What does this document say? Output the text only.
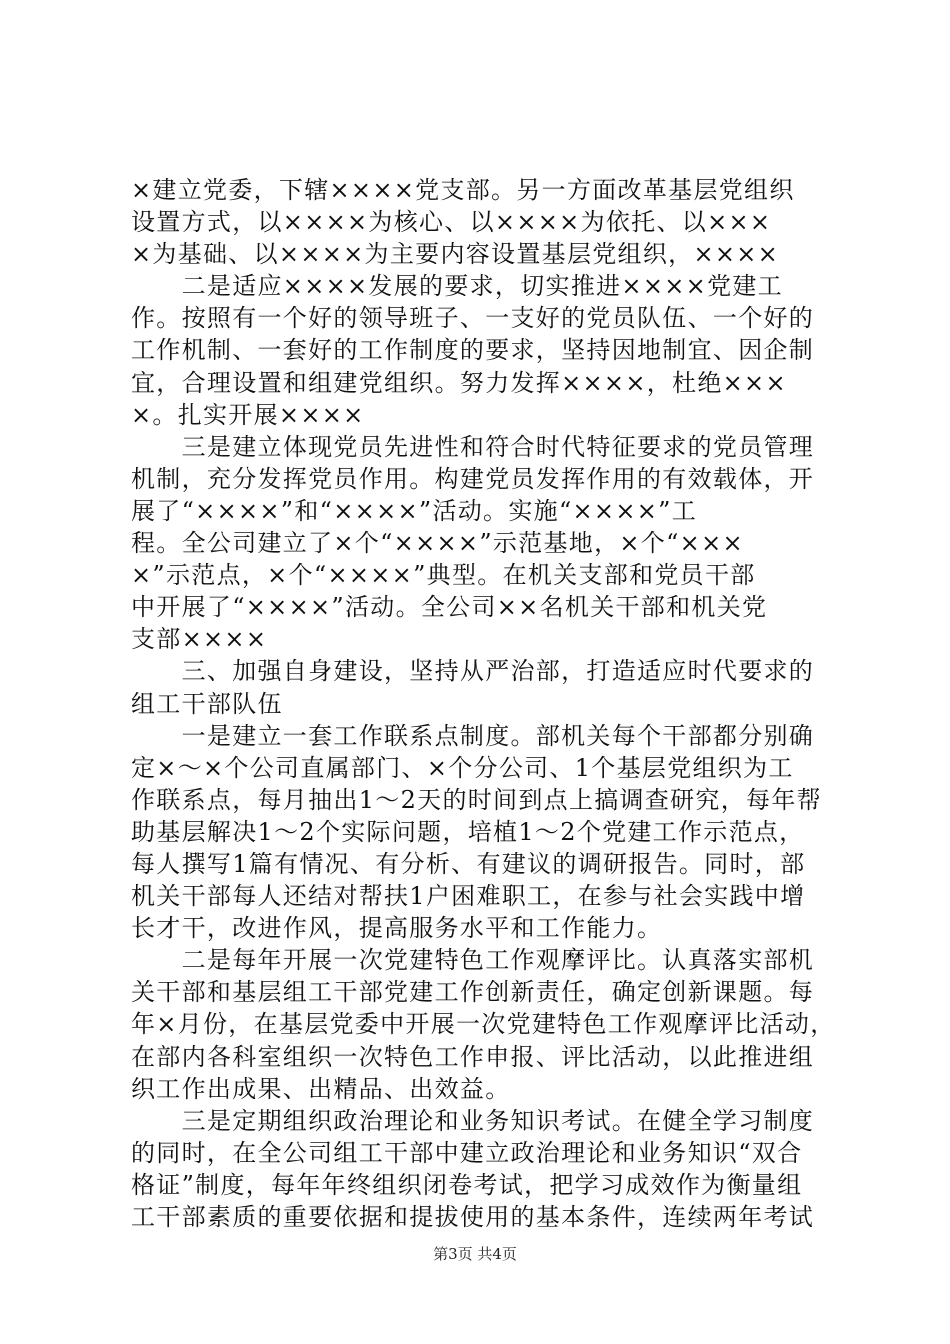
×建立党委，下辖××××党支部。另一方面改革基层党组织
设置方式，以××××为核心、以××××为依托、以×××
×为基础、以××××为主要内容设置基层党组织，××××
　　二是适应××××发展的要求，切实推进××××党建工
作。按照有一个好的领导班子、一支好的党员队伍、一个好的
工作机制、一套好的工作制度的要求，坚持因地制宜、因企制
宜，合理设置和组建党组织。努力发挥××××，杜绝×××
×。扎实开展××××
　　三是建立体现党员先进性和符合时代特征要求的党员管理
机制，充分发挥党员作用。构建党员发挥作用的有效载体，开
展了“××××”和“××××”活动。实施“××××”工
程。全公司建立了×个“××××”示范基地，×个“×××
×”示范点，×个“××××”典型。在机关支部和党员干部
中开展了“××××”活动。全公司××名机关干部和机关党
支部××××
　　三、加强自身建设，坚持从严治部，打造适应时代要求的
组工干部队伍
　　一是建立一套工作联系点制度。部机关每个干部都分别确
定×～×个公司直属部门、×个分公司、1个基层党组织为工
作联系点，每月抽出1～2天的时间到点上搞调查研究，每年帮
助基层解决1～2个实际问题，培植1～2个党建工作示范点，
每人撰写1篇有情况、有分析、有建议的调研报告。同时，部
机关干部每人还结对帮扶1户困难职工，在参与社会实践中增
长才干，改进作风，提高服务水平和工作能力。
　　二是每年开展一次党建特色工作观摩评比。认真落实部机
关干部和基层组工干部党建工作创新责任，确定创新课题。每
年×月份，在基层党委中开展一次党建特色工作观摩评比活动，
在部内各科室组织一次特色工作申报、评比活动，以此推进组
织工作出成果、出精品、出效益。
　　三是定期组织政治理论和业务知识考试。在健全学习制度
的同时，在全公司组工干部中建立政治理论和业务知识“双合
格证”制度，每年年终组织闭卷考试，把学习成效作为衡量组
工干部素质的重要依据和提拔使用的基本条件，连续两年考试
第3页 共4页
